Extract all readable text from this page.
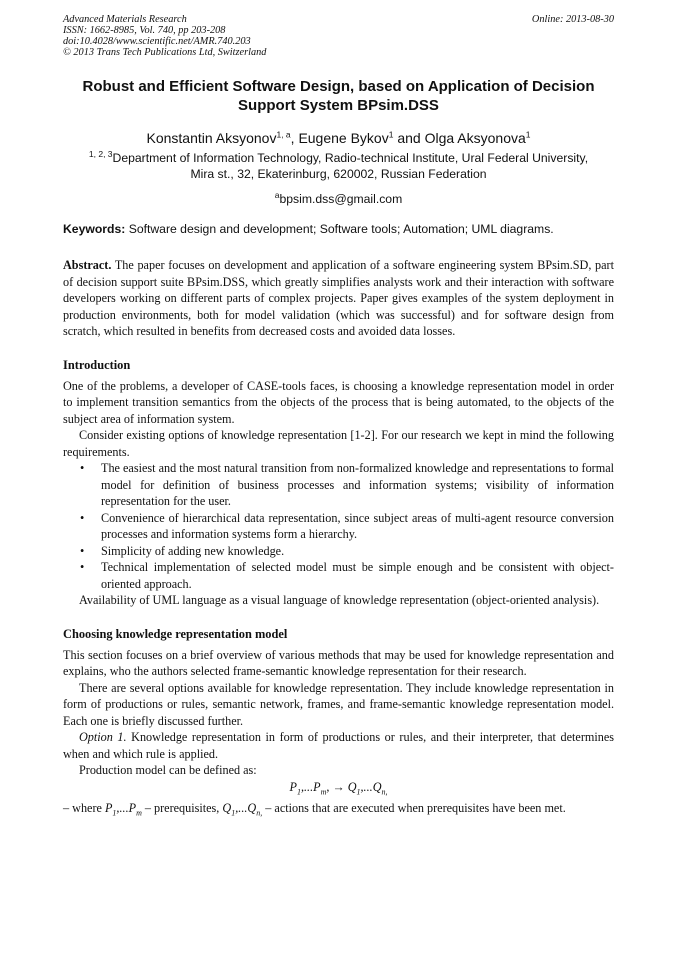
Advanced Materials Research
ISSN: 1662-8985, Vol. 740, pp 203-208
doi:10.4028/www.scientific.net/AMR.740.203
© 2013 Trans Tech Publications Ltd, Switzerland
Online: 2013-08-30
Robust and Efficient Software Design, based on Application of Decision Support System BPsim.DSS
Konstantin Aksyonov$^{1, a}$, Eugene Bykov$^1$ and Olga Aksyonova$^1$
$^{1, 2, 3}$Department of Information Technology, Radio-technical Institute, Ural Federal University,
Mira st., 32, Ekaterinburg, 620002, Russian Federation
$^a$bpsim.dss@gmail.com
Keywords: Software design and development; Software tools; Automation; UML diagrams.

Abstract. The paper focuses on development and application of a software engineering system BPsim.SD, part of decision support suite BPsim.DSS, which greatly simplifies analysts work and their interaction with software developers working on different parts of complex projects. Paper gives examples of the system deployment in production environments, both for model validation (which was successful) and for software design from scratch, which resulted in benefits from decreased costs and avoided data losses.

Introduction

One of the problems, a developer of CASE-tools faces, is choosing a knowledge representation model in order to implement transition semantics from the objects of the process that is being automated, to the objects of the subject area of information system.

Consider existing options of knowledge representation [1-2]. For our research we kept in mind the following requirements.

• The easiest and the most natural transition from non-formalized knowledge and representations to formal model for definition of business processes and information systems; visibility of information representation for the user.
• Convenience of hierarchical data representation, since subject areas of multi-agent resource conversion processes and information systems form a hierarchy.
• Simplicity of adding new knowledge.
• Technical implementation of selected model must be simple enough and be consistent with object-oriented approach.

Availability of UML language as a visual language of knowledge representation (object-oriented analysis).

Choosing knowledge representation model

This section focuses on a brief overview of various methods that may be used for knowledge representation and explains, who the authors selected frame-semantic knowledge representation for their research.

There are several options available for knowledge representation. They include knowledge representation in form of productions or rules, semantic network, frames, and frame-semantic knowledge representation model. Each one is briefly discussed further.

Option 1. Knowledge representation in form of productions or rules, and their interpreter, that determines when and which rule is applied.

Production model can be defined as:

$P_1,...P_m$, → $Q_1,...Q_{n,}$

– where $P_1,...P_m$ – prerequisites, $Q_1,...Q_{n,}$ – actions that are executed when prerequisites have been met.
